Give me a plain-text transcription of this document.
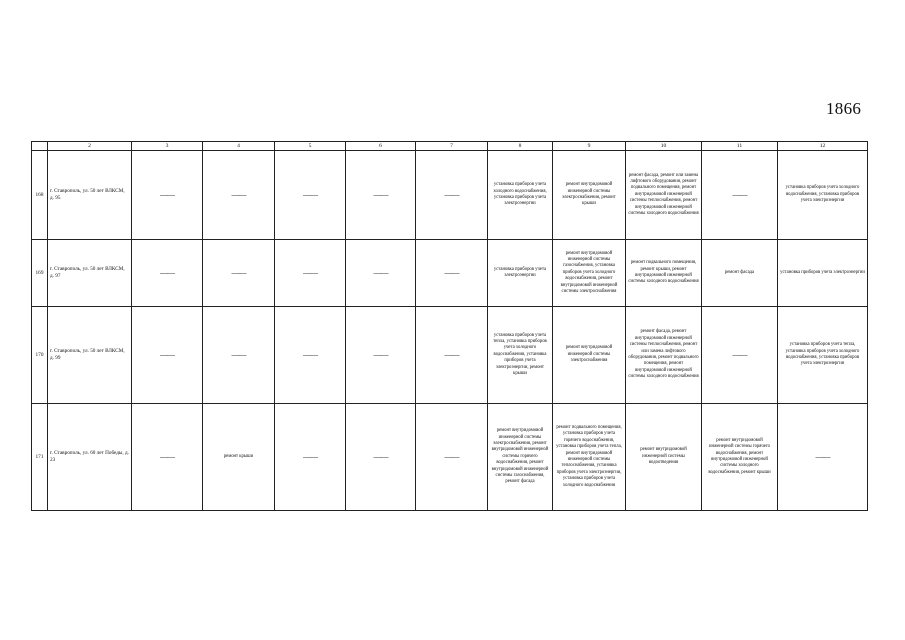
1866
	2	3	4	5	6	7	8	9	10	11	12
168	г. Ставрополь, ул. 50 лет ВЛКСМ, д. 95	——	——	——	——	——	установка приборов учета холодного водоснабжения, установка приборов учета электроэнергии	ремонт внутридомовой инженерной системы электроснабжения, ремонт крыши	ремонт фасада, ремонт или замена лифтового оборудования, ремонт подвального помещения, ремонт внутридомовой инженерной системы теплоснабжения, ремонт внутридомовой инженерной системы холодного водоснабжения	——	установка приборов учета холодного водоснабжения, установка приборов учета электроэнергии
169	г. Ставрополь, ул. 50 лет ВЛКСМ, д. 97	——	——	——	——	——	установка приборов учета электроэнергии	ремонт внутридомовой инженерной системы газоснабжения, установка приборов учета холодного водоснабжения, ремонт внутридомовой инженерной системы электроснабжения	ремонт подвального помещения, ремонт крыши, ремонт внутридомовой инженерной системы холодного водоснабжения	ремонт фасада	установка приборов учета электроэнергии
170	г. Ставрополь, ул. 50 лет ВЛКСМ, д. 99	——	——	——	——	——	установка приборов учета тепла, установка приборов учета холодного водоснабжения, установка приборов учета электроэнергии, ремонт крыши	ремонт внутридомовой инженерной системы электроснабжения	ремонт фасада, ремонт внутридомовой инженерной системы теплоснабжения, ремонт или замена лифтового оборудования, ремонт подвального помещения, ремонт внутридомовой инженерной системы холодного водоснабжения	——	установка приборов учета тепла, установка приборов учета холодного водоснабжения, установка приборов учета электроэнергии
171	г. Ставрополь, ул. 60 лет Победы, д. 23	——	ремонт крыши	——	——	——	ремонт внутридомовой инженерной системы электроснабжения, ремонт внутридомовой инженерной системы горячего водоснабжения, ремонт внутридомовой инженерной системы газоснабжения, ремонт фасада	ремонт подвального помещения, установка приборов учета горячего водоснабжения, установка приборов учета тепла, ремонт внутридомовой инженерной системы теплоснабжения, установка приборов учета электроэнергии, установка приборов учета холодного водоснабжения	ремонт внутридомовой инженерной системы водоотведения	ремонт внутридомовой инженерной системы горячего водоснабжения, ремонт внутридомовой инженерной системы холодного водоснабжения, ремонт крыши	——
